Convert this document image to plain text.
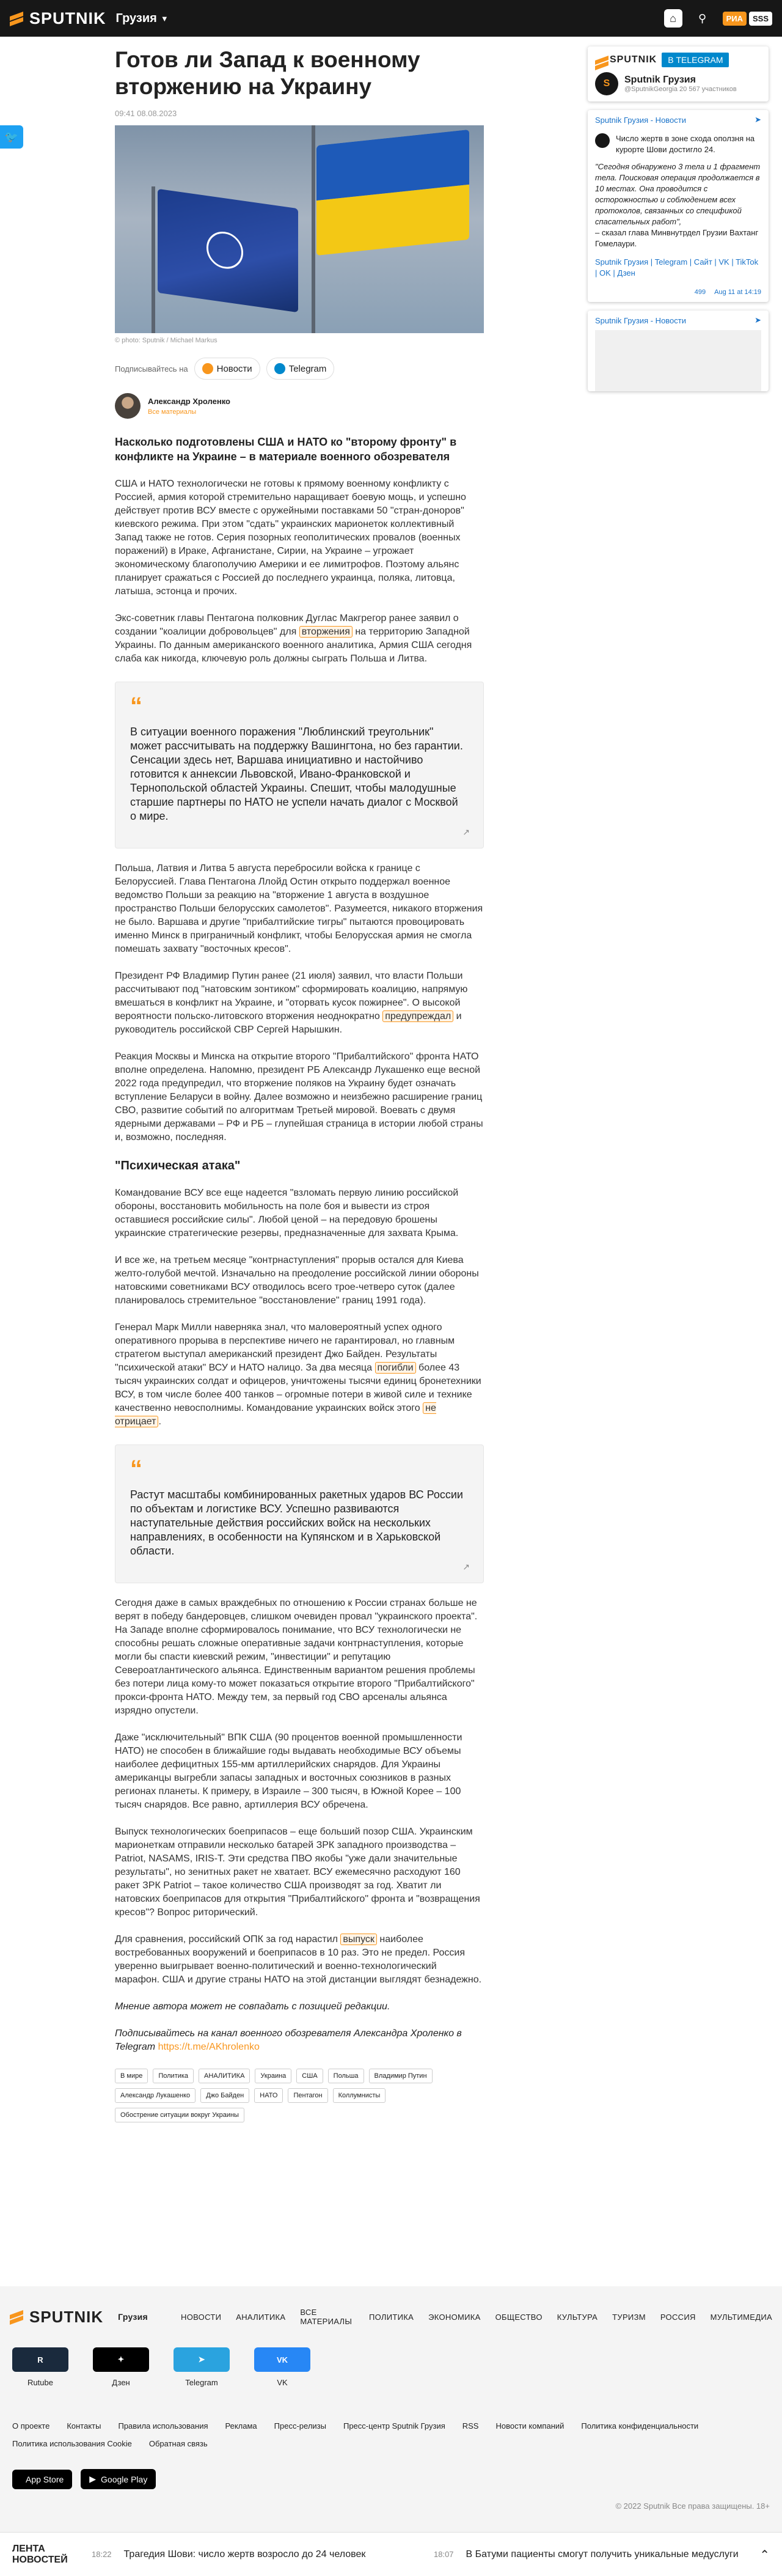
SPUTNIK Грузия ▼	⌂	⚲	РИА	SSS
🐦
Готов ли Запад к военному вторжению на Украину
09:41 08.08.2023
© photo: Sputnik / Michael Markus
Подписывайтесь на	Новости	Telegram
Александр Хроленко
Все материалы
Насколько подготовлены США и НАТО ко "второму фронту" в конфликте на Украине – в материале военного обозревателя

США и НАТО технологически не готовы к прямому военному конфликту с Россией, армия которой стремительно наращивает боевую мощь, и успешно действует против ВСУ вместе с оружейными поставками 50 "стран-доноров" киевского режима. При этом "сдать" украинских марионеток коллективный Запад также не готов. Серия позорных геополитических провалов (военных поражений) в Ираке, Афганистане, Сирии, на Украине – угрожает экономическому благополучию Америки и ее лимитрофов. Поэтому альянс планирует сражаться с Россией до последнего украинца, поляка, литовца, латыша, эстонца и прочих.

Экс-советник главы Пентагона полковник Дуглас Макгрегор ранее заявил о создании "коалиции добровольцев" для вторжения на территорию Западной Украины. По данным американского военного аналитика, Армия США сегодня слаба как никогда, ключевую роль должны сыграть Польша и Литва.

“
В ситуации военного поражения "Люблинский треугольник" может рассчитывать на поддержку Вашингтона, но без гарантии. Сенсации здесь нет, Варшава инициативно и настойчиво готовится к аннексии Львовской, Ивано-Франковской и Тернопольской областей Украины. Спешит, чтобы малодушные старшие партнеры по НАТО не успели начать диалог с Москвой о мире.
↗

Польша, Латвия и Литва 5 августа перебросили войска к границе с Белоруссией. Глава Пентагона Ллойд Остин открыто поддержал военное ведомство Польши за реакцию на "вторжение 1 августа в воздушное пространство Польши белорусских самолетов". Разумеется, никакого вторжения не было. Варшава и другие "прибалтийские тигры" пытаются провоцировать именно Минск в приграничный конфликт, чтобы Белорусская армия не смогла помешать захвату "восточных кресов".

Президент РФ Владимир Путин ранее (21 июля) заявил, что власти Польши рассчитывают под "натовским зонтиком" сформировать коалицию, напрямую вмешаться в конфликт на Украине, и "оторвать кусок пожирнее". О высокой вероятности польско-литовского вторжения неоднократно предупреждал и руководитель российской СВР Сергей Нарышкин.

Реакция Москвы и Минска на открытие второго "Прибалтийского" фронта НАТО вполне определена. Напомню, президент РБ Александр Лукашенко еще весной 2022 года предупредил, что вторжение поляков на Украину будет означать вступление Беларуси в войну. Далее возможно и неизбежно расширение границ СВО, развитие событий по алгоритмам Третьей мировой. Воевать с двумя ядерными державами – РФ и РБ – глупейшая страница в истории любой страны и, возможно, последняя.

"Психическая атака"

Командование ВСУ все еще надеется "взломать первую линию российской обороны, восстановить мобильность на поле боя и вывести из строя оставшиеся российские силы". Любой ценой – на передовую брошены украинские стратегические резервы, предназначенные для захвата Крыма.

И все же, на третьем месяце "контрнаступления" прорыв остался для Киева желто-голубой мечтой. Изначально на преодоление российской линии обороны натовскими советниками ВСУ отводилось всего трое-четверо суток (далее планировалось стремительное "восстановление" границ 1991 года).

Генерал Марк Милли наверняка знал, что маловероятный успех одного оперативного прорыва в перспективе ничего не гарантировал, но главным стратегом выступал американский президент Джо Байден. Результаты "психической атаки" ВСУ и НАТО налицо. За два месяца погибли более 43 тысяч украинских солдат и офицеров, уничтожены тысячи единиц бронетехники ВСУ, в том числе более 400 танков – огромные потери в живой силе и технике качественно невосполнимы. Командование украинских войск этого не отрицает .

“
Растут масштабы комбинированных ракетных ударов ВС России по объектам и логистике ВСУ. Успешно развиваются наступательные действия российских войск на нескольких направлениях, в особенности на Купянском и в Харьковской области.
↗

Сегодня даже в самых враждебных по отношению к России странах больше не верят в победу бандеровцев, слишком очевиден провал "украинского проекта". На Западе вполне сформировалось понимание, что ВСУ технологически не способны решать сложные оперативные задачи контрнаступления, которые могли бы спасти киевский режим, "инвестиции" и репутацию Североатлантического альянса. Единственным вариантом решения проблемы без потери лица кому-то может показаться открытие второго "Прибалтийского" прокси-фронта НАТО. Между тем, за первый год СВО арсеналы альянса изрядно опустели.

Даже "исключительный" ВПК США (90 процентов военной промышленности НАТО) не способен в ближайшие годы выдавать необходимые ВСУ объемы наиболее дефицитных 155-мм артиллерийских снарядов. Для Украины американцы выгребли запасы западных и восточных союзников в разных регионах планеты. К примеру, в Израиле – 300 тысяч, в Южной Корее – 100 тысяч снарядов. Все равно, артиллерия ВСУ обречена.

Выпуск технологических боеприпасов – еще больший позор США. Украинским марионеткам отправили несколько батарей ЗРК западного производства – Patriot, NASAMS, IRIS-T. Эти средства ПВО якобы "уже дали значительные результаты", но зенитных ракет не хватает. ВСУ ежемесячно расходуют 160 ракет ЗРК Patriot – такое количество США производят за год. Хватит ли натовских боеприпасов для открытия "Прибалтийского" фронта и "возвращения кресов"? Вопрос риторический.

Для сравнения, российский ОПК за год нарастил выпуск наиболее востребованных вооружений и боеприпасов в 10 раз. Это не предел. Россия уверенно выигрывает военно-политический и военно-технологический марафон. США и другие страны НАТО на этой дистанции выглядят безнадежно.

Мнение автора может не совпадать с позицией редакции.

Подписывайтесь на канал военного обозревателя Александра Хроленко в Telegram https://t.me/AKhrolenko

В мире	Политика	АНАЛИТИКА	Украина	США	Польша	Владимир Путин
Александр Лукашенко	Джо Байден	НАТО	Пентагон	Коллумнисты
Обострение ситуации вокруг Украины
SPUTNIK	В TELEGRAM
S	Sputnik Грузия
@SputnikGeorgia 20 567 участников
Sputnik Грузия - Новости	➤
Число жертв в зоне схода оползня на курорте Шови достигло 24.
"Сегодня обнаружено 3 тела и 1 фрагмент тела. Поисковая операция продолжается в 10 местах. Она проводится с осторожностью и соблюдением всех протоколов, связанных со спецификой спасательных работ",
– сказал глава Минвнутрдел Грузии Вахтанг Гомелаури.
Sputnik Грузия | Telegram | Сайт | VK | TikTok | OK | Дзен
499 Aug 11 at 14:19
Sputnik Грузия - Новости	➤
SPUTNIK Грузия	НОВОСТИ АНАЛИТИКА ВСЕ МАТЕРИАЛЫ ПОЛИТИКА ЭКОНОМИКА ОБЩЕСТВО КУЛЬТУРА ТУРИЗМ РОССИЯ МУЛЬТИМЕДИА
R
Rutube
✦
Дзен
➤
Telegram
VK
VK
О проекте Контакты Правила использования Реклама Пресс-релизы Пресс-центр Sputnik Грузия RSS Новости компаний Политика конфиденциальности
Политика использования Cookie Обратная связь
App Store	▶ Google Play
© 2022 Sputnik Все права защищены. 18+
ЛЕНТА НОВОСТЕЙ	18:22 Трагедия Шови: число жертв возросло до 24 человек	18:07 В Батуми пациенты смогут получить уникальные медуслуги ⌃
